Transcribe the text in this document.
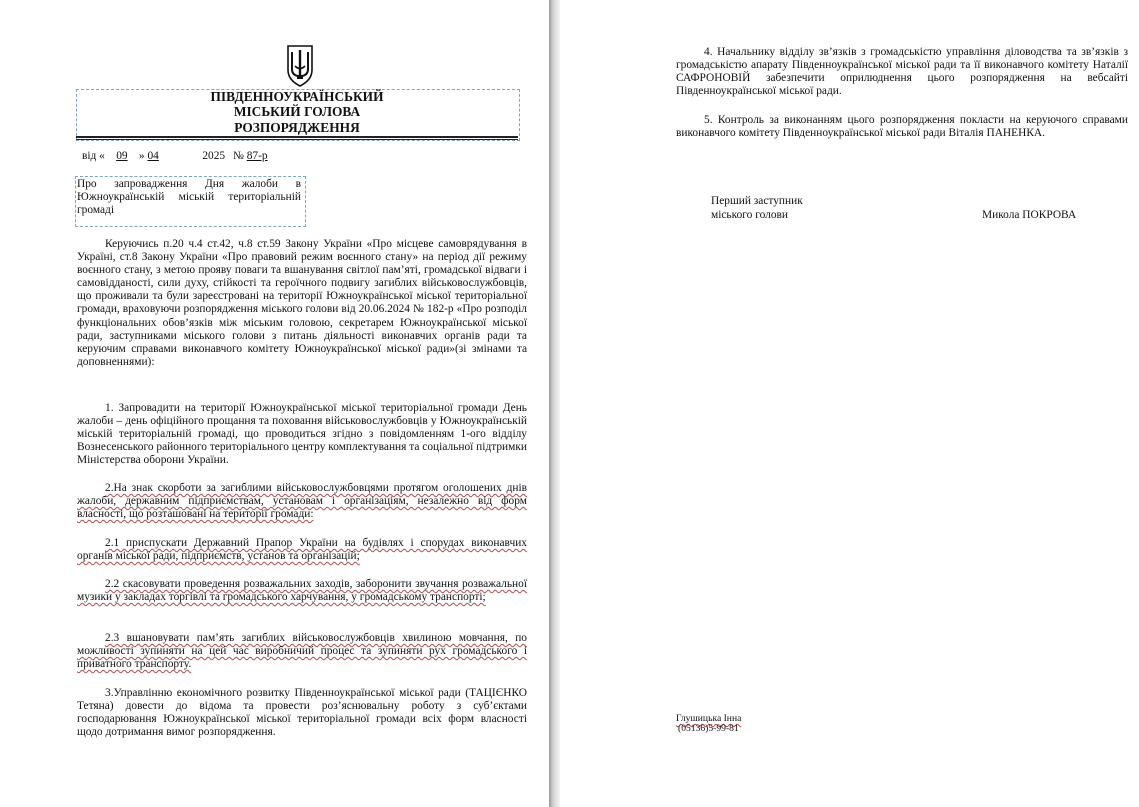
ПІВДЕННОУКРАЇНСЬКИЙ

МІСЬКИЙ ГОЛОВА

РОЗПОРЯДЖЕННЯ

від « 09 » 04	2025 № 87-р

Про запровадження Дня жалоби в Южноукраїнській міській територіальній громаді

Керуючись п.20 ч.4 ст.42, ч.8 ст.59 Закону України «Про місцеве самоврядування в Україні, ст.8 Закону України «Про правовий режим воєнного стану» на період дії режиму воєнного стану, з метою прояву поваги та вшанування світлої пам’яті, громадської відваги і самовідданості, сили духу, стійкості та героїчного подвигу загиблих військовослужбовців, що проживали та були зареєстровані на території Южноукраїнської міської територіальної громади, враховуючи розпорядження міського голови від 20.06.2024 № 182-р «Про розподіл функціональних обов’язків між міським головою, секретарем Южноукраїнської міської ради, заступниками міського голови з питань діяльності виконавчих органів ради та керуючим справами виконавчого комітету Южноукраїнської міської ради»(зі змінами та доповненнями):

1. Запровадити на території Южноукраїнської міської територіальної громади День жалоби – день офіційного прощання та поховання військовослужбовців у Южноукраїнській міській територіальній громаді, що проводиться згідно з повідомленням 1-ого відділу Вознесенського районного територіального центру комплектування та соціальної підтримки Міністерства оборони України.

2.На знак скорботи за загиблими військовослужбовцями протягом оголошених днів жалоби, державним підприємствам, установам і організаціям, незалежно від форм власності, що розташовані на території громади:

2.1 приспускати Державний Прапор України на будівлях і спорудах виконавчих органів міської ради, підприємств, установ та організацій;

2.2 скасовувати проведення розважальних заходів, заборонити звучання розважальної музики у закладах торгівлі та громадського харчування, у громадському транспорті;

2.3 вшановувати пам’ять загиблих військовослужбовців хвилиною мовчання, по можливості зупиняти на цей час виробничий процес та зупиняти рух громадського і приватного транспорту.

3.Управлінню економічного розвитку Південноукраїнської міської ради (ТАЦІЄНКО Тетяна) довести до відома та провести роз’яснювальну роботу з суб’єктами господарювання Южноукраїнської міської територіальної громади всіх форм власності щодо дотримання вимог розпорядження.

4. Начальнику відділу зв’язків з громадськістю управління діловодства та зв’язків з громадськістю апарату Південноукраїнської міської ради та її виконавчого комітету Наталії САФРОНОВІЙ забезпечити оприлюднення цього розпорядження на вебсайті Південноукраїнської міської ради.

5. Контроль за виконанням цього розпорядження покласти на керуючого справами виконавчого комітету Південноукраїнської міської ради Віталія ПАНЕНКА.

Перший заступник

міського голови	Микола ПОКРОВА

Глушицька Інна

(05136)5-99-81
